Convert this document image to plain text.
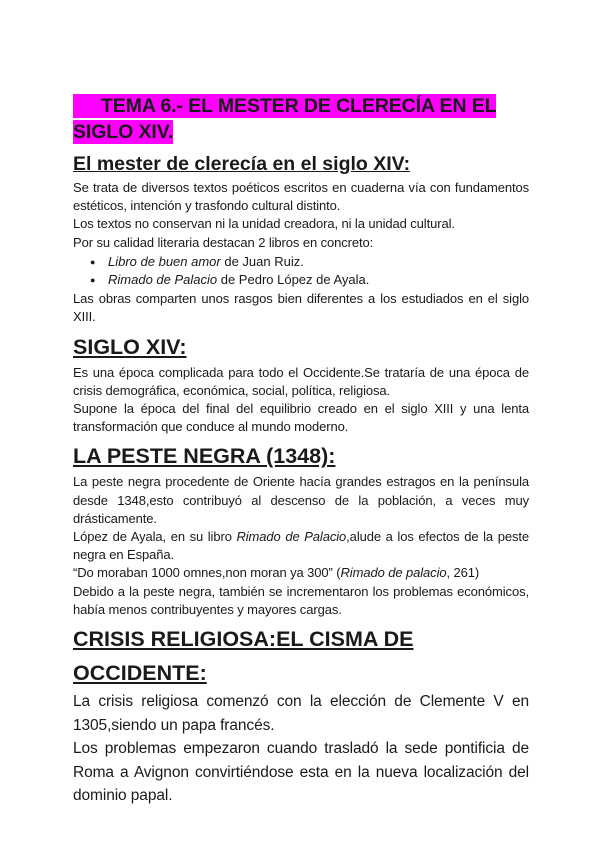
TEMA 6.- EL MESTER DE CLERECÍA EN EL
SIGLO XIV.
El mester de clerecía en el siglo XIV:

Se trata de diversos textos poéticos escritos en cuaderna vía con fundamentos estéticos, intención y trasfondo cultural distinto.

Los textos no conservan ni la unidad creadora, ni la unidad cultural.

Por su calidad literaria destacan 2 libros en concreto:

● Libro de buen amor de Juan Ruiz.
● Rimado de Palacio de Pedro López de Ayala.

Las obras comparten unos rasgos bien diferentes a los estudiados en el siglo XIII.

SIGLO XIV:

Es una época complicada para todo el Occidente.Se trataría de una época de crisis demográfica, económica, social, política, religiosa.

Supone la época del final del equilibrio creado en el siglo XIII y una lenta transformación que conduce al mundo moderno.

LA PESTE NEGRA (1348):

La peste negra procedente de Oriente hacía grandes estragos en la península desde 1348,esto contribuyó al descenso de la población, a veces muy drásticamente.

López de Ayala, en su libro Rimado de Palacio,alude a los efectos de la peste negra en España.

“Do moraban 1000 omnes,non moran ya 300” (Rimado de palacio, 261)

Debido a la peste negra, también se incrementaron los problemas económicos, había menos contribuyentes y mayores cargas.

CRISIS RELIGIOSA:EL CISMA DE OCCIDENTE:

La crisis religiosa comenzó con la elección de Clemente V en 1305,siendo un papa francés.

Los problemas empezaron cuando trasladó la sede pontificia de Roma a Avignon convirtiéndose esta en la nueva localización del dominio papal.
